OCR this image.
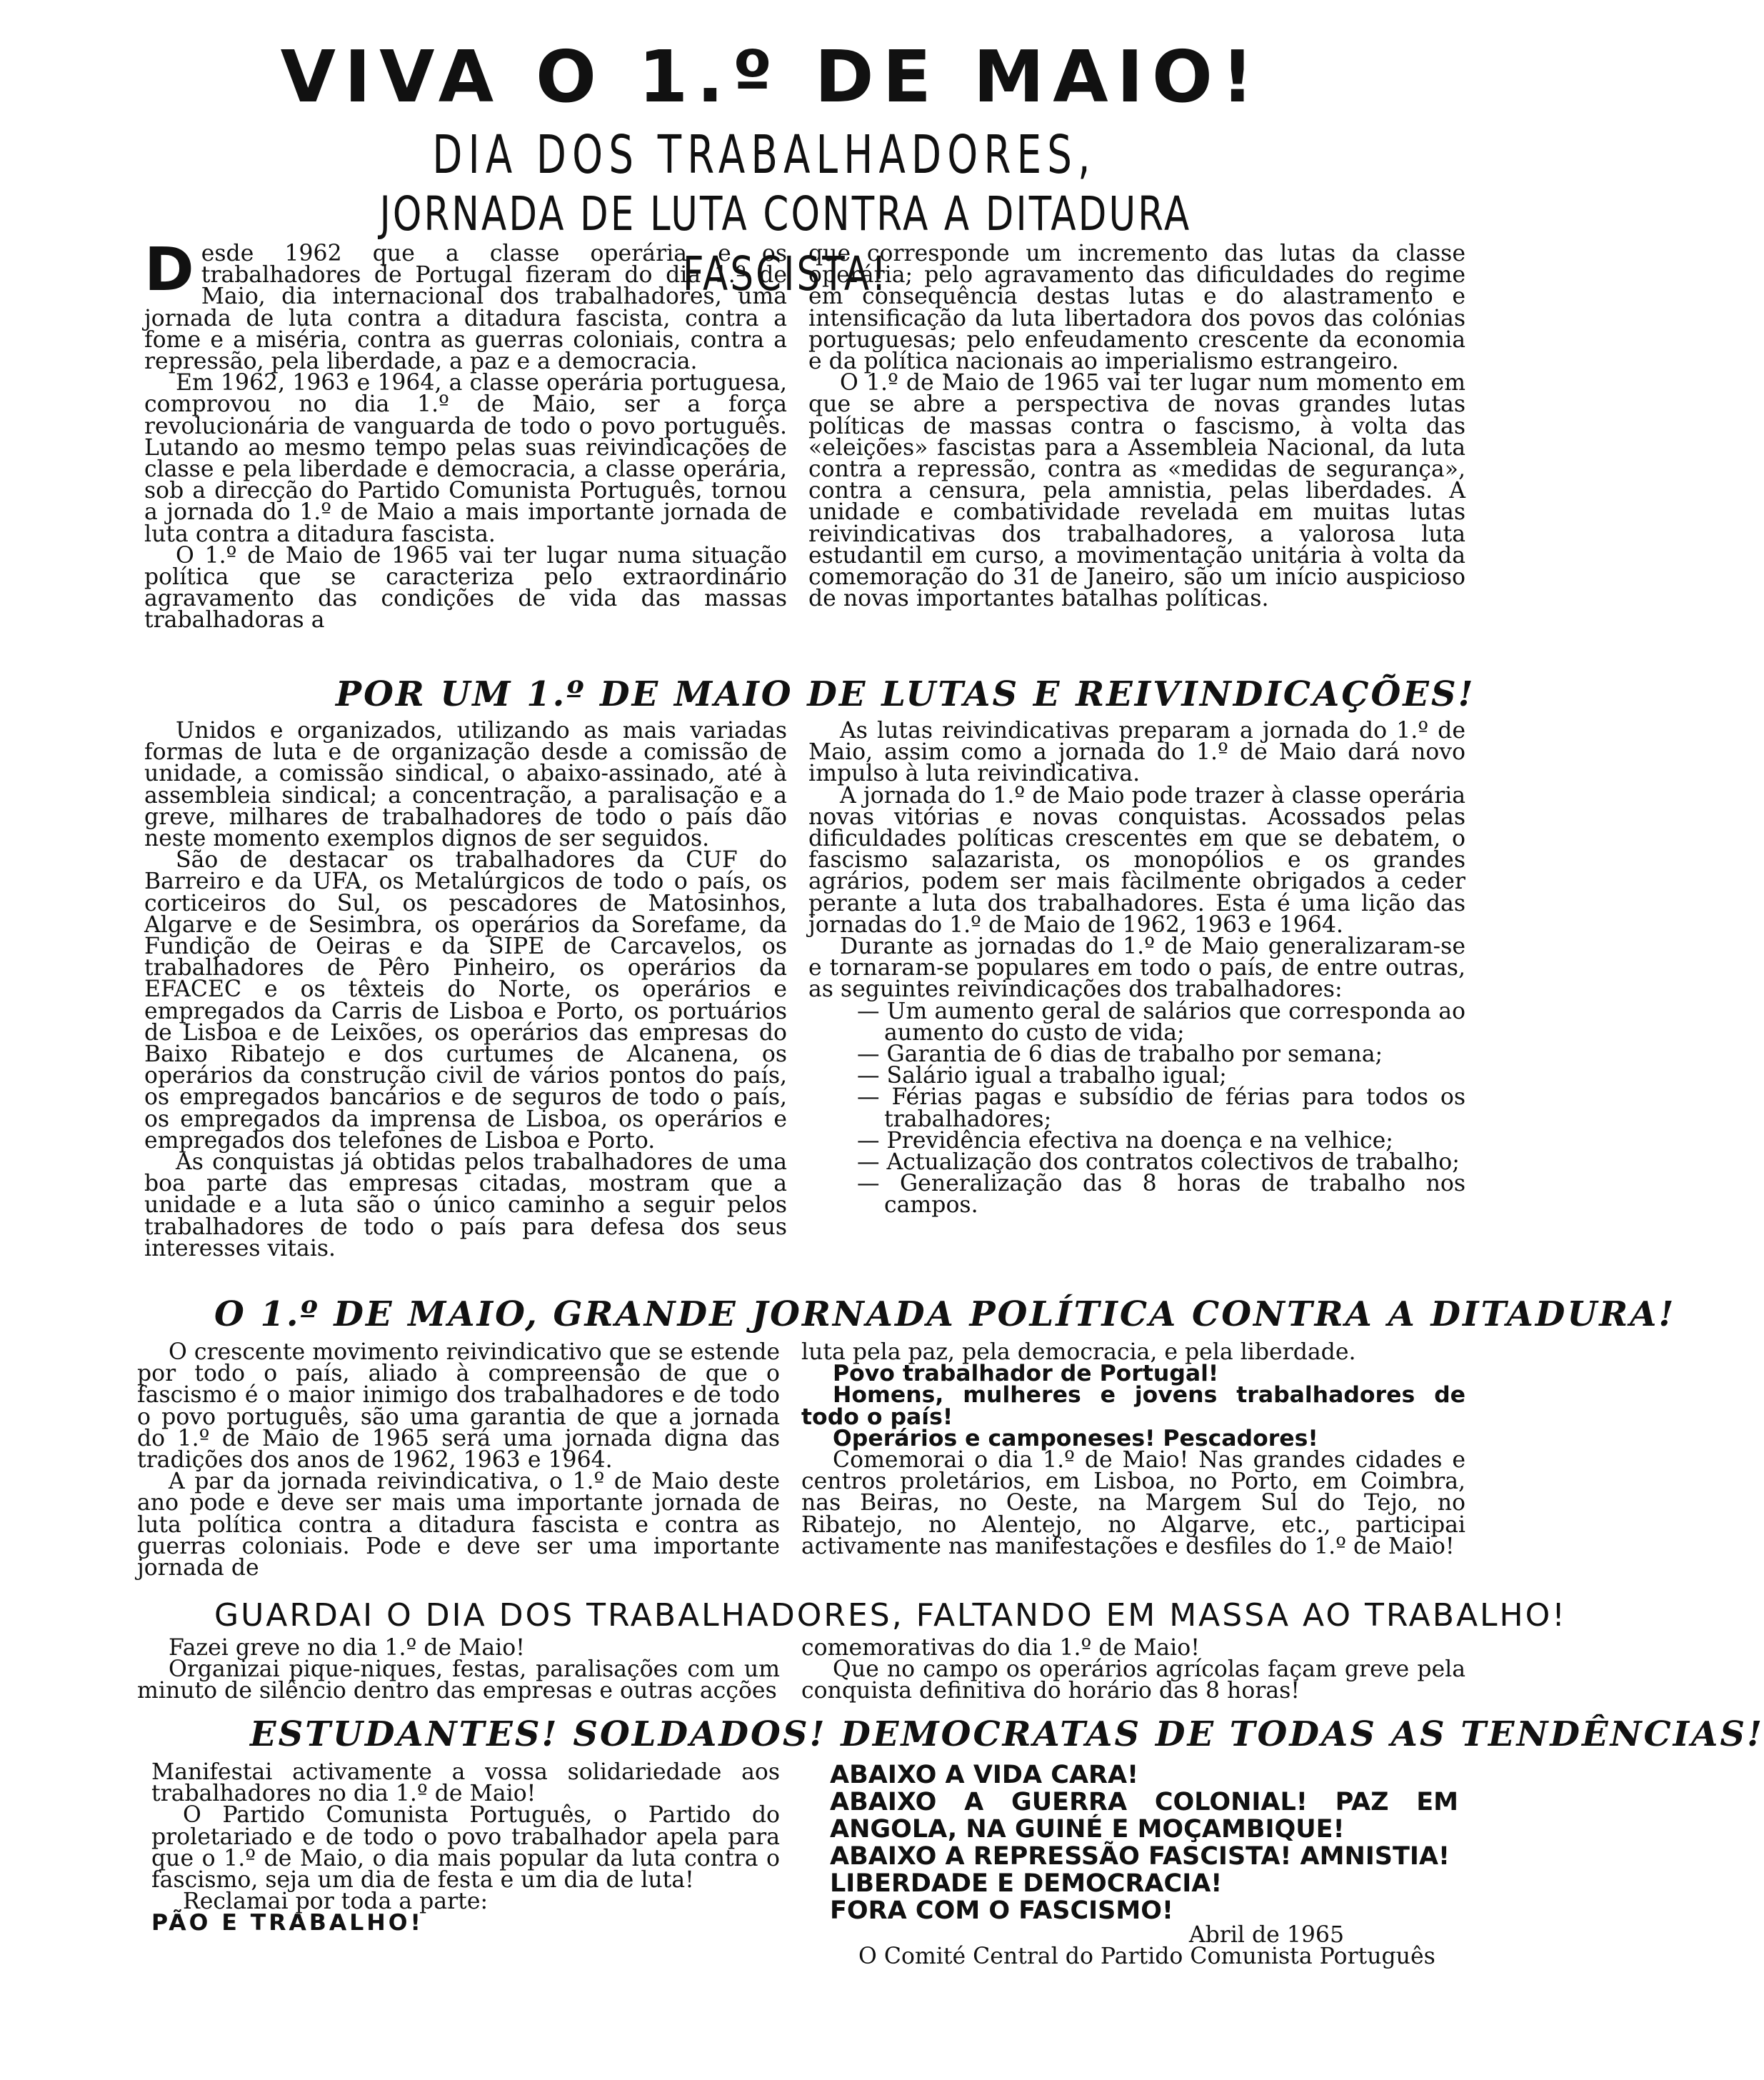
VIVA O 1.º DE MAIO!
DIA DOS TRABALHADORES,
JORNADA DE LUTA CONTRA A DITADURA FASCISTA!
D esde 1962 que a classe operária e os trabalhadores de Portugal fizeram do dia 1.º de Maio, dia internacional dos trabalhadores, uma jornada de luta contra a ditadura fascista, contra a fome e a miséria, contra as guerras coloniais, contra a repressão, pela liberdade, a paz e a democracia.

Em 1962, 1963 e 1964, a classe operária portuguesa, comprovou no dia 1.º de Maio, ser a força revolucionária de vanguarda de todo o povo português. Lutando ao mesmo tempo pelas suas reivindicações de classe e pela liberdade e democracia, a classe operária, sob a direcção do Partido Comunista Português, tornou a jornada do 1.º de Maio a mais importante jornada de luta contra a ditadura fascista.

O 1.º de Maio de 1965 vai ter lugar numa situação política que se caracteriza pelo extraordinário agravamento das condições de vida das massas trabalhadoras a

que corresponde um incremento das lutas da classe operária; pelo agravamento das dificuldades do regime em consequência destas lutas e do alastramento e intensificação da luta libertadora dos povos das colónias portuguesas; pelo enfeudamento crescente da economia e da política nacionais ao imperialismo estrangeiro.

O 1.º de Maio de 1965 vai ter lugar num momento em que se abre a perspectiva de novas grandes lutas políticas de massas contra o fascismo, à volta das «eleições» fascistas para a Assembleia Nacional, da luta contra a repressão, contra as «medidas de segurança», contra a censura, pela amnistia, pelas liberdades. A unidade e combatividade revelada em muitas lutas reivindicativas dos trabalhadores, a valorosa luta estudantil em curso, a movimentação unitária à volta da comemoração do 31 de Janeiro, são um início auspicioso de novas importantes batalhas políticas.

POR UM 1.º DE MAIO DE LUTAS E REIVINDICAÇÕES!

Unidos e organizados, utilizando as mais variadas formas de luta e de organização desde a comissão de unidade, a comissão sindical, o abaixo-assinado, até à assembleia sindical; a concentração, a paralisação e a greve, milhares de trabalhadores de todo o país dão neste momento exemplos dignos de ser seguidos.

São de destacar os trabalhadores da CUF do Barreiro e da UFA, os Metalúrgicos de todo o país, os corticeiros do Sul, os pescadores de Matosinhos, Algarve e de Sesimbra, os operários da Sorefame, da Fundição de Oeiras e da SIPE de Carcavelos, os trabalhadores de Pêro Pinheiro, os operários da EFACEC e os têxteis do Norte, os operários e empregados da Carris de Lisboa e Porto, os portuários de Lisboa e de Leixões, os operários das empresas do Baixo Ribatejo e dos curtumes de Alcanena, os operários da construção civil de vários pontos do país, os empregados bancários e de seguros de todo o país, os empregados da imprensa de Lisboa, os operários e empregados dos telefones de Lisboa e Porto.

As conquistas já obtidas pelos trabalhadores de uma boa parte das empresas citadas, mostram que a unidade e a luta são o único caminho a seguir pelos trabalhadores de todo o país para defesa dos seus interesses vitais.

As lutas reivindicativas preparam a jornada do 1.º de Maio, assim como a jornada do 1.º de Maio dará novo impulso à luta reivindicativa.

A jornada do 1.º de Maio pode trazer à classe operária novas vitórias e novas conquistas. Acossados pelas dificuldades políticas crescentes em que se debatem, o fascismo salazarista, os monopólios e os grandes agrários, podem ser mais fàcilmente obrigados a ceder perante a luta dos trabalhadores. Esta é uma lição das jornadas do 1.º de Maio de 1962, 1963 e 1964.

Durante as jornadas do 1.º de Maio generalizaram-se e tornaram-se populares em todo o país, de entre outras, as seguintes reivindicações dos trabalhadores:

— Um aumento geral de salários que corresponda ao aumento do custo de vida;
— Garantia de 6 dias de trabalho por semana;
— Salário igual a trabalho igual;
— Férias pagas e subsídio de férias para todos os trabalhadores;
— Previdência efectiva na doença e na velhice;
— Actualização dos contratos colectivos de trabalho;
— Generalização das 8 horas de trabalho nos campos.
O 1.º DE MAIO, GRANDE JORNADA POLÍTICA CONTRA A DITADURA!

O crescente movimento reivindicativo que se estende por todo o país, aliado à compreensão de que o fascismo é o maior inimigo dos trabalhadores e de todo o povo português, são uma garantia de que a jornada do 1.º de Maio de 1965 será uma jornada digna das tradições dos anos de 1962, 1963 e 1964.

A par da jornada reivindicativa, o 1.º de Maio deste ano pode e deve ser mais uma importante jornada de luta política contra a ditadura fascista e contra as guerras coloniais. Pode e deve ser uma importante jornada de

luta pela paz, pela democracia, e pela liberdade.

Povo trabalhador de Portugal!

Homens, mulheres e jovens trabalhadores de todo o país!

Operários e camponeses! Pescadores!

Comemorai o dia 1.º de Maio! Nas grandes cidades e centros proletários, em Lisboa, no Porto, em Coimbra, nas Beiras, no Oeste, na Margem Sul do Tejo, no Ribatejo, no Alentejo, no Algarve, etc., participai activamente nas manifestações e desfiles do 1.º de Maio!

GUARDAI O DIA DOS TRABALHADORES, FALTANDO EM MASSA AO TRABALHO!

Fazei greve no dia 1.º de Maio!

Organizai pique-niques, festas, paralisações com um minuto de silêncio dentro das empresas e outras acções

comemorativas do dia 1.º de Maio!

Que no campo os operários agrícolas façam greve pela conquista definitiva do horário das 8 horas!

ESTUDANTES! SOLDADOS! DEMOCRATAS DE TODAS AS TENDÊNCIAS!

Manifestai activamente a vossa solidariedade aos trabalhadores no dia 1.º de Maio!

O Partido Comunista Português, o Partido do proletariado e de todo o povo trabalhador apela para que o 1.º de Maio, o dia mais popular da luta contra o fascismo, seja um dia de festa e um dia de luta!

Reclamai por toda a parte:

PÃO E TRABALHO!

ABAIXO A VIDA CARA!
ABAIXO A GUERRA COLONIAL! PAZ EM ANGOLA, NA GUINÉ E MOÇAMBIQUE!
ABAIXO A REPRESSÃO FASCISTA! AMNISTIA!
LIBERDADE E DEMOCRACIA!
FORA COM O FASCISMO!
Abril de 1965
O Comité Central do Partido Comunista Português
